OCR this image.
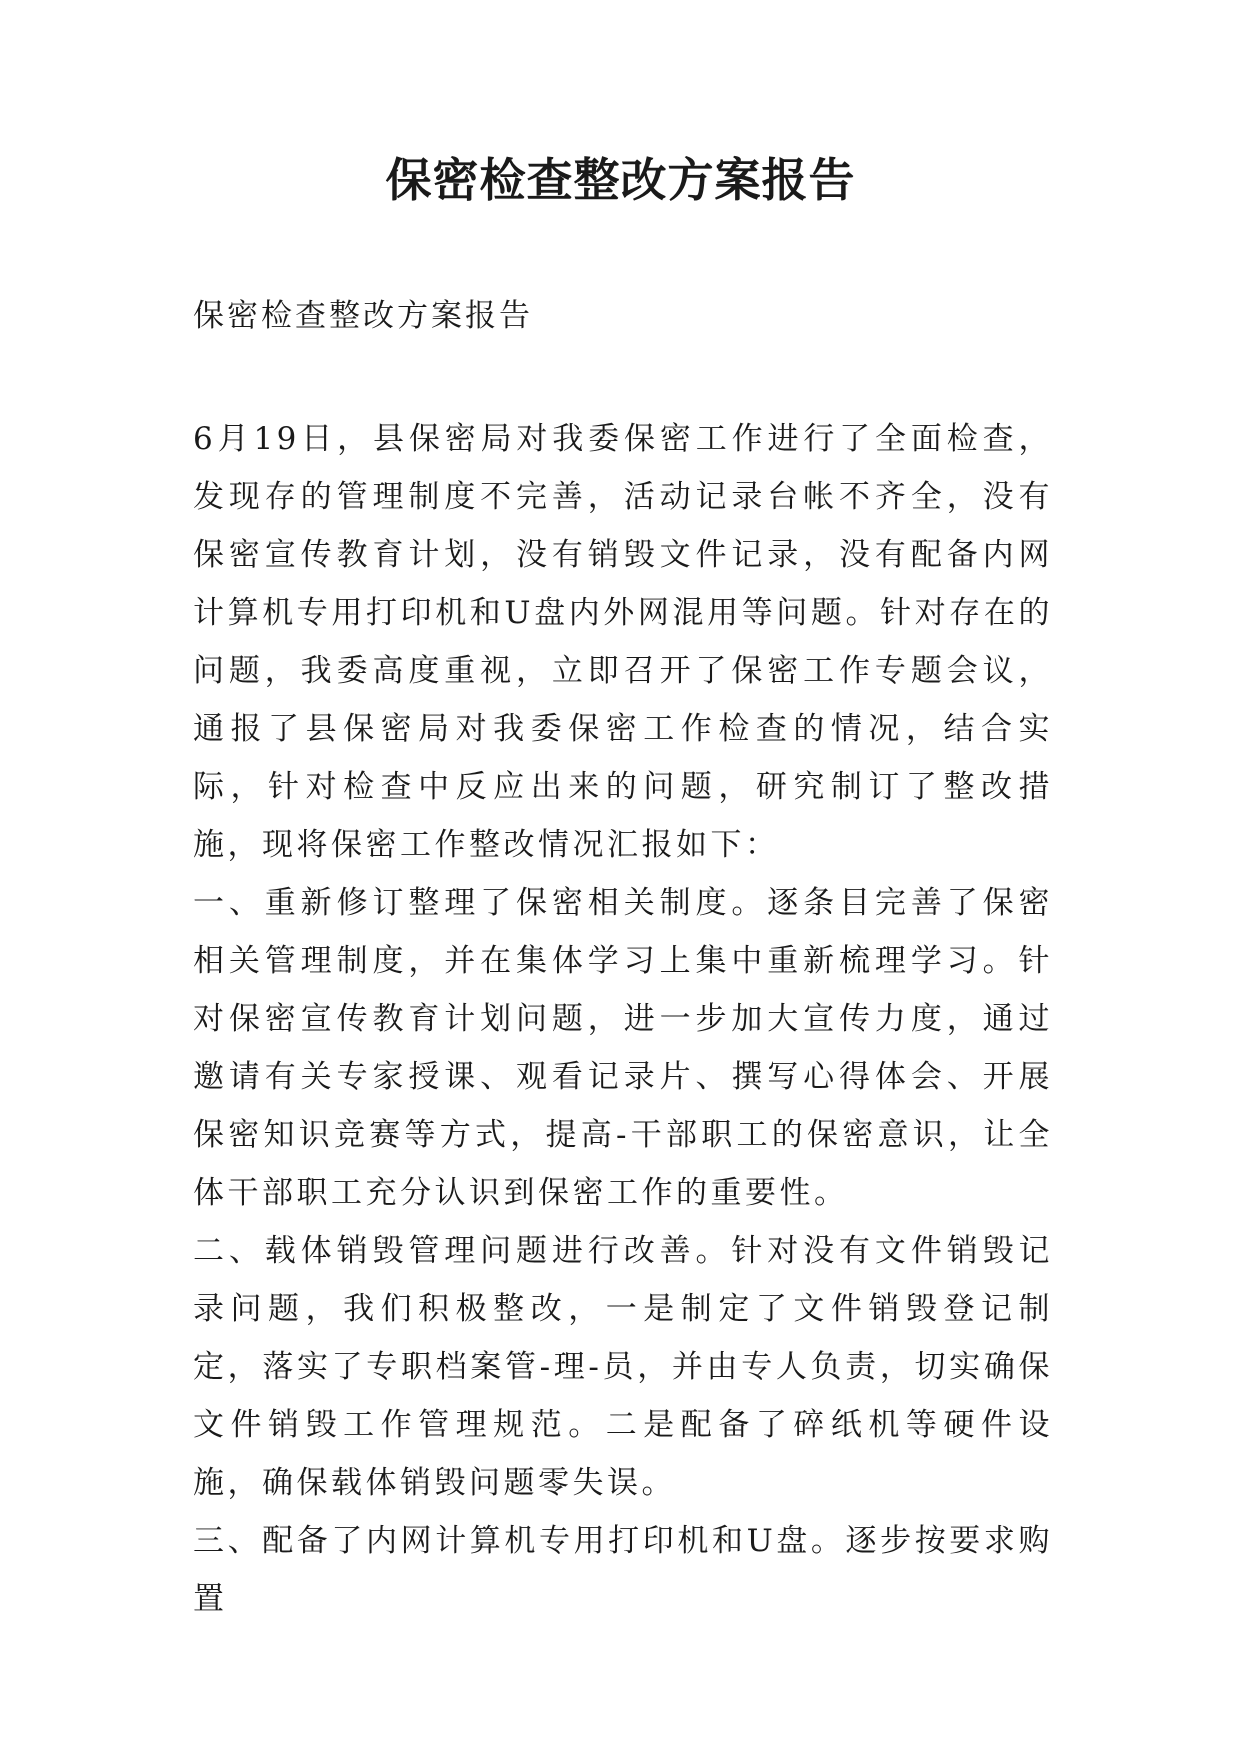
保密检查整改方案报告

保密检查整改方案报告

6月19日，县保密局对我委保密工作进行了全面检查，发现存的管理制度不完善，活动记录台帐不齐全，没有保密宣传教育计划，没有销毁文件记录，没有配备内网计算机专用打印机和U盘内外网混用等问题。针对存在的问题，我委高度重视，立即召开了保密工作专题会议，通报了县保密局对我委保密工作检查的情况，结合实际，针对检查中反应出来的问题，研究制订了整改措施，现将保密工作整改情况汇报如下：

一、重新修订整理了保密相关制度。逐条目完善了保密相关管理制度，并在集体学习上集中重新梳理学习。针对保密宣传教育计划问题，进一步加大宣传力度，通过邀请有关专家授课、观看记录片、撰写心得体会、开展保密知识竞赛等方式，提高-干部职工的保密意识，让全体干部职工充分认识到保密工作的重要性。

二、载体销毁管理问题进行改善。针对没有文件销毁记录问题，我们积极整改，一是制定了文件销毁登记制定，落实了专职档案管-理-员，并由专人负责，切实确保文件销毁工作管理规范。二是配备了碎纸机等硬件设施，确保载体销毁问题零失误。

三、配备了内网计算机专用打印机和U盘。逐步按要求购置
